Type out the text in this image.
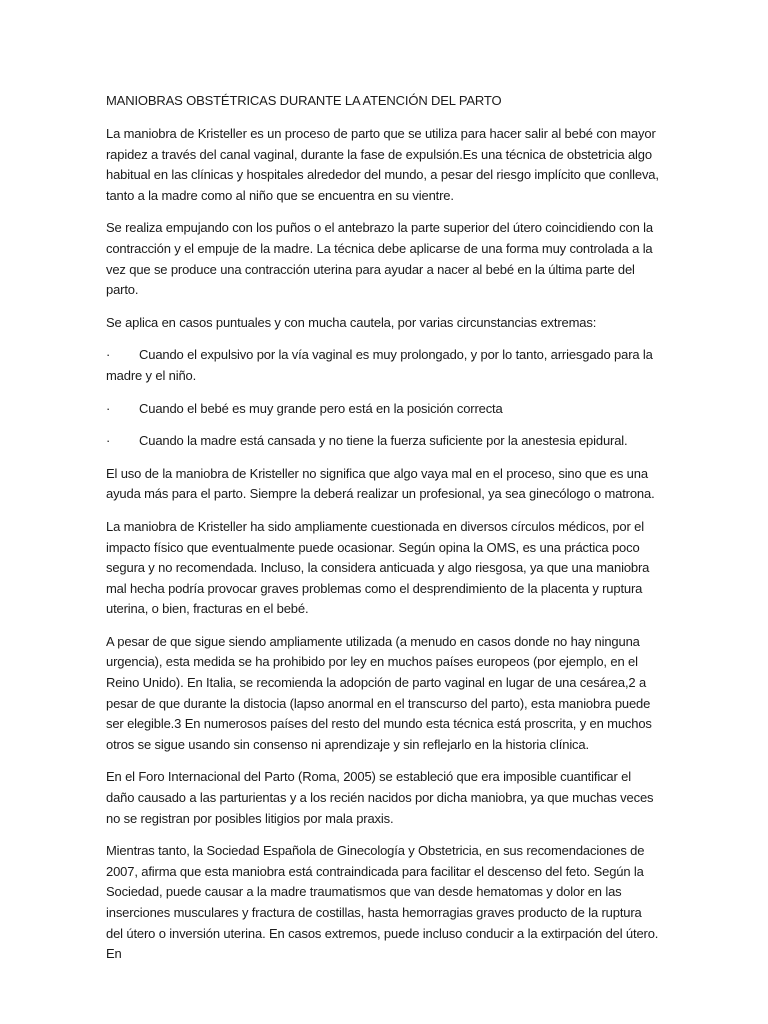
MANIOBRAS OBSTÉTRICAS DURANTE LA ATENCIÓN DEL PARTO

La maniobra de Kristeller es un proceso de parto que se utiliza para hacer salir al bebé con mayor rapidez a través del canal vaginal, durante la fase de expulsión.Es una técnica de obstetricia algo habitual en las clínicas y hospitales alrededor del mundo, a pesar del riesgo implícito que conlleva, tanto a la madre como al niño que se encuentra en su vientre.

Se realiza empujando con los puños o el antebrazo la parte superior del útero coincidiendo con la contracción y el empuje de la madre. La técnica debe aplicarse de una forma muy controlada a la vez que se produce una contracción uterina para ayudar a nacer al bebé en la última parte del parto.

Se aplica en casos puntuales y con mucha cautela, por varias circunstancias extremas:

· Cuando el expulsivo por la vía vaginal es muy prolongado, y por lo tanto, arriesgado para la madre y el niño.

· Cuando el bebé es muy grande pero está en la posición correcta

· Cuando la madre está cansada y no tiene la fuerza suficiente por la anestesia epidural.

El uso de la maniobra de Kristeller no significa que algo vaya mal en el proceso, sino que es una ayuda más para el parto. Siempre la deberá realizar un profesional, ya sea ginecólogo o matrona.

La maniobra de Kristeller ha sido ampliamente cuestionada en diversos círculos médicos, por el impacto físico que eventualmente puede ocasionar. Según opina la OMS, es una práctica poco segura y no recomendada. Incluso, la considera anticuada y algo riesgosa, ya que una maniobra mal hecha podría provocar graves problemas como el desprendimiento de la placenta y ruptura uterina, o bien, fracturas en el bebé.

A pesar de que sigue siendo ampliamente utilizada (a menudo en casos donde no hay ninguna urgencia), esta medida se ha prohibido por ley en muchos países europeos (por ejemplo, en el Reino Unido). En Italia, se recomienda la adopción de parto vaginal en lugar de una cesárea,2 a pesar de que durante la distocia (lapso anormal en el transcurso del parto), esta maniobra puede ser elegible.3 En numerosos países del resto del mundo esta técnica está proscrita, y en muchos otros se sigue usando sin consenso ni aprendizaje y sin reflejarlo en la historia clínica.

En el Foro Internacional del Parto (Roma, 2005) se estableció que era imposible cuantificar el daño causado a las parturientas y a los recién nacidos por dicha maniobra, ya que muchas veces no se registran por posibles litigios por mala praxis.

Mientras tanto, la Sociedad Española de Ginecología y Obstetricia, en sus recomendaciones de 2007, afirma que esta maniobra está contraindicada para facilitar el descenso del feto. Según la Sociedad, puede causar a la madre traumatismos que van desde hematomas y dolor en las inserciones musculares y fractura de costillas, hasta hemorragias graves producto de la ruptura del útero o inversión uterina. En casos extremos, puede incluso conducir a la extirpación del útero. En
